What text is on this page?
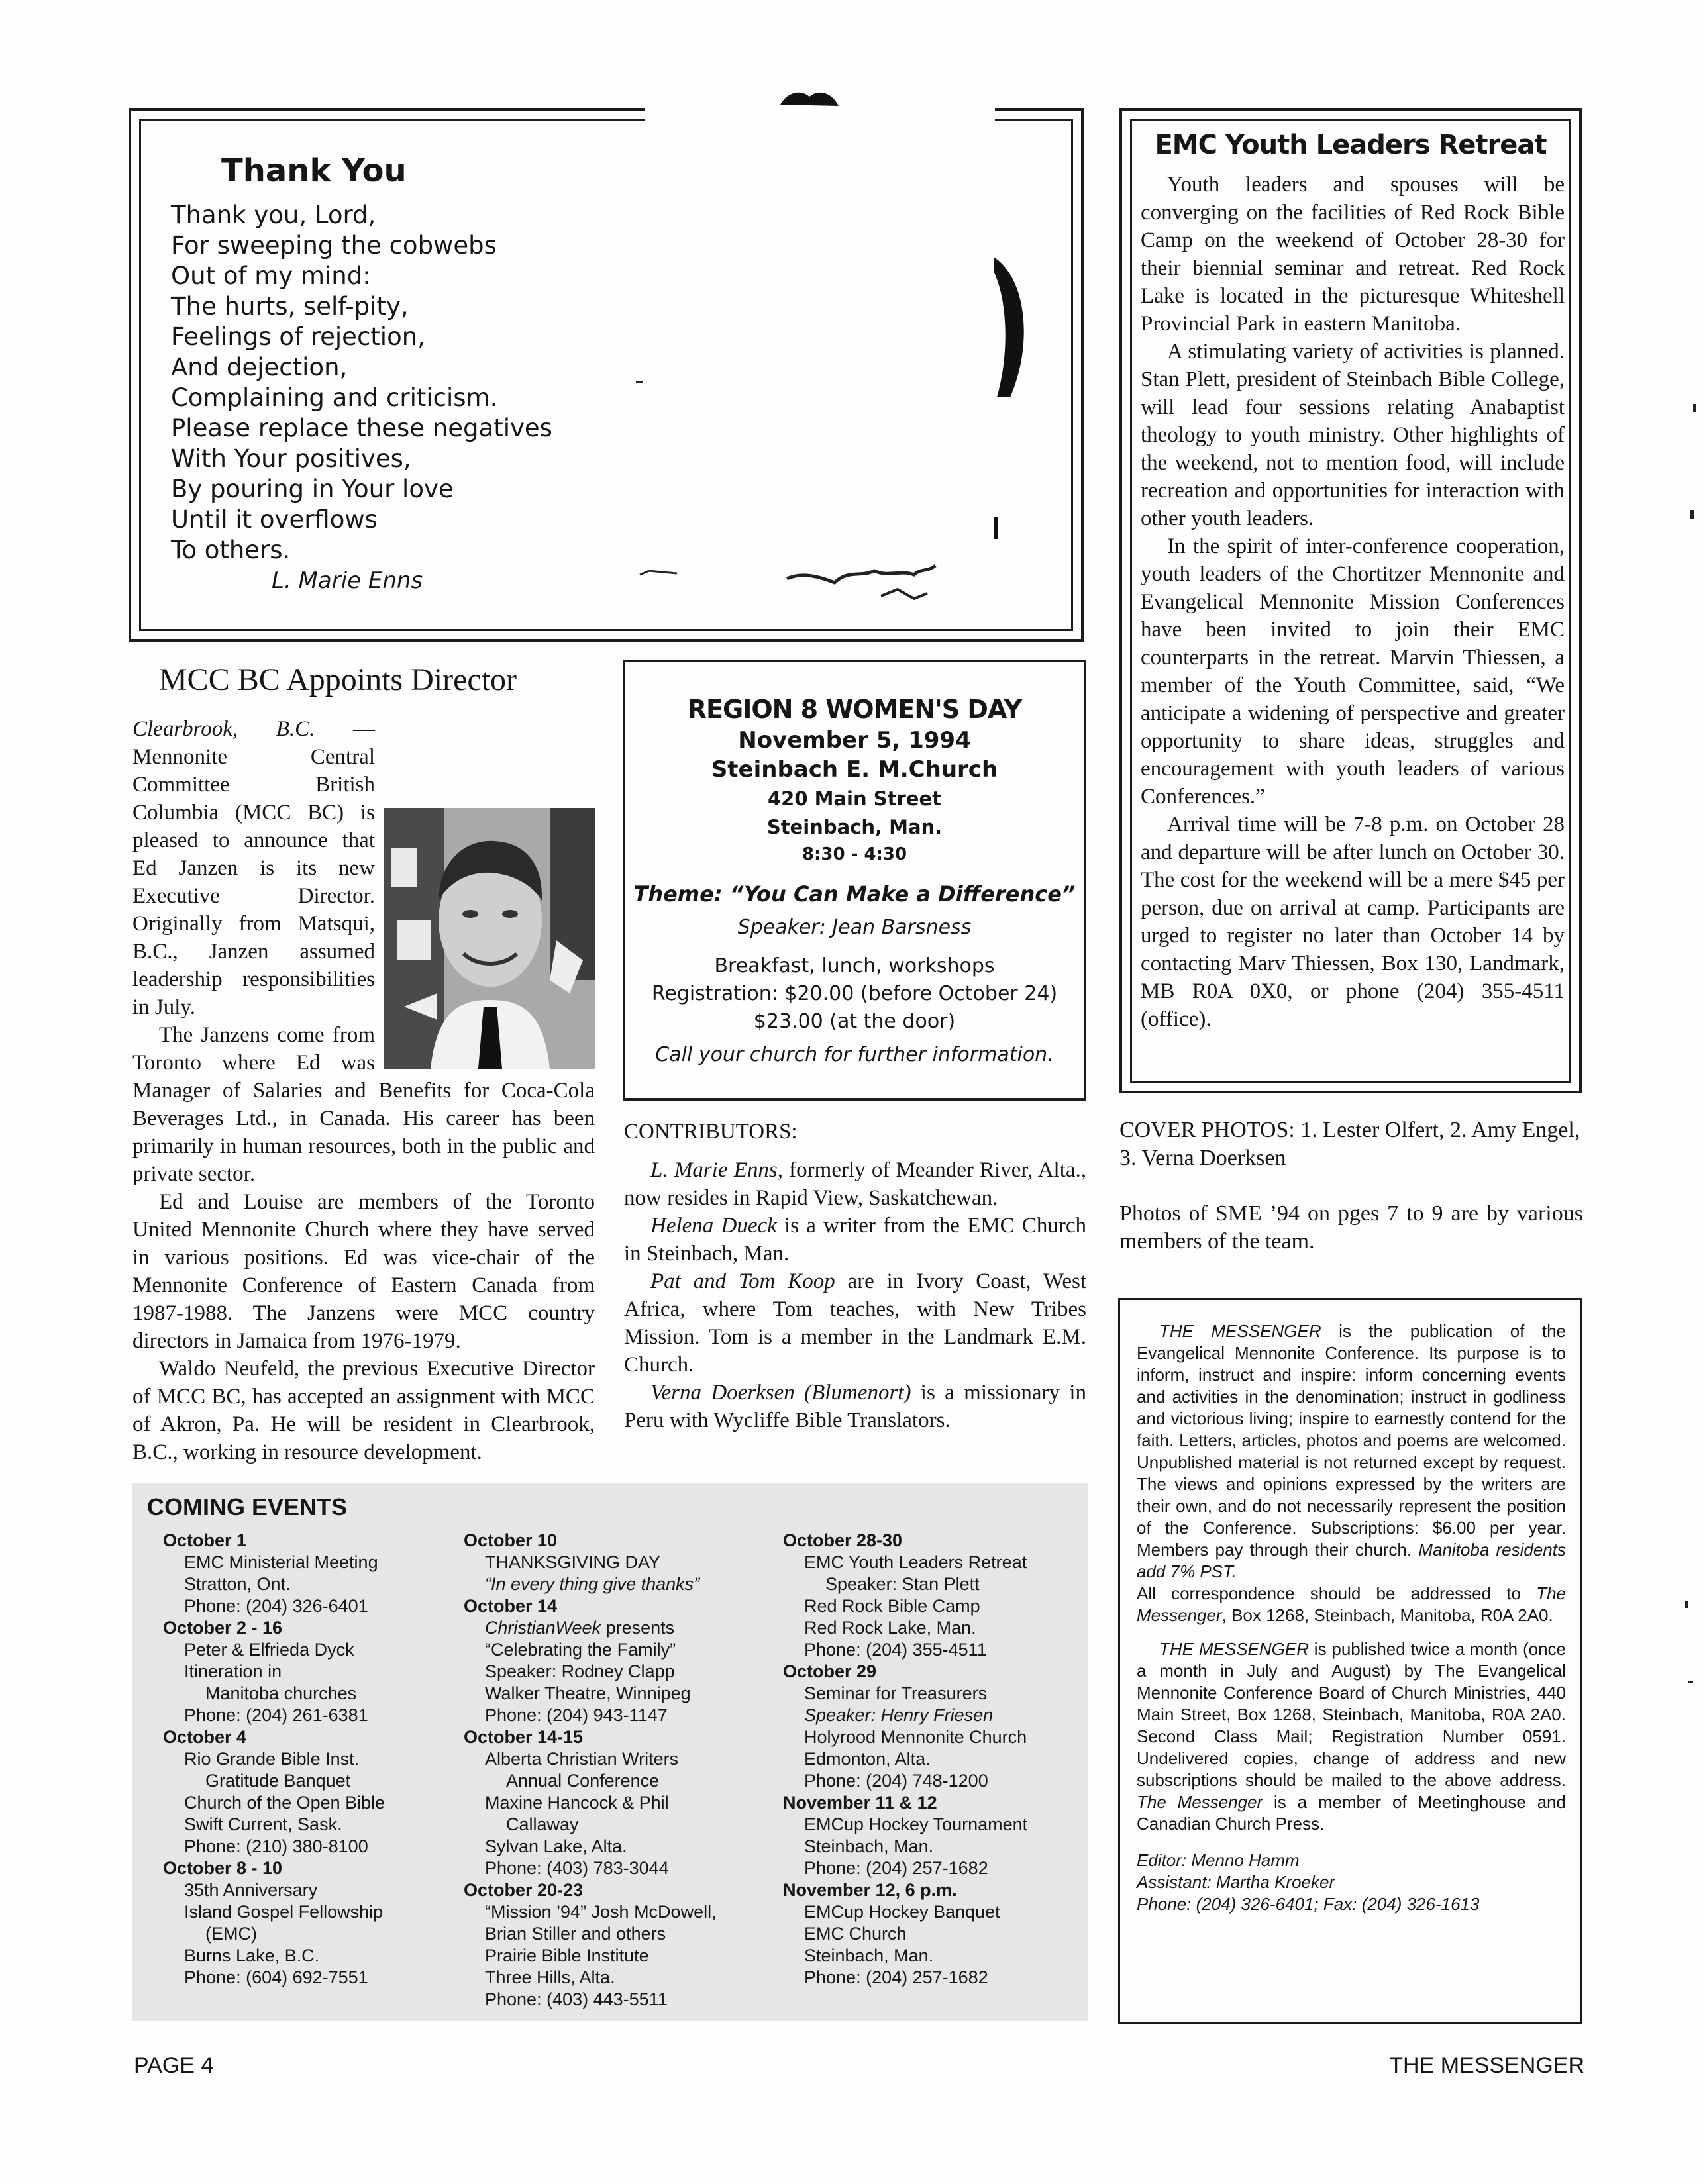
Thank You
Thank you, Lord,
For sweeping the cobwebs
Out of my mind:
The hurts, self-pity,
Feelings of rejection,
And dejection,
Complaining and criticism.
Please replace these negatives
With Your positives,
By pouring in Your love
Until it overflows
To others.
L. Marie Enns
EMC Youth Leaders Retreat

Youth leaders and spouses will be converging on the facilities of Red Rock Bible Camp on the weekend of October 28-30 for their biennial seminar and retreat. Red Rock Lake is located in the picturesque Whiteshell Provincial Park in eastern Manitoba.

A stimulating variety of activities is planned. Stan Plett, president of Steinbach Bible College, will lead four sessions relating Anabaptist theology to youth ministry. Other highlights of the weekend, not to mention food, will include recreation and opportunities for interaction with other youth leaders.

In the spirit of inter-conference cooperation, youth leaders of the Chortitzer Mennonite and Evangelical Mennonite Mission Conferences have been invited to join their EMC counterparts in the retreat. Marvin Thiessen, a member of the Youth Committee, said, “We anticipate a widening of perspective and greater opportunity to share ideas, struggles and encouragement with youth leaders of various Conferences.”

Arrival time will be 7-8 p.m. on October 28 and departure will be after lunch on October 30. The cost for the weekend will be a mere $45 per person, due on arrival at camp. Participants are urged to register no later than October 14 by contacting Marv Thiessen, Box 130, Landmark, MB R0A 0X0, or phone (204) 355-4511 (office).

MCC BC Appoints Director

Clearbrook, B.C. — Mennonite Central Committee British Columbia (MCC BC) is pleased to announce that Ed Janzen is its new Executive Director. Originally from Matsqui, B.C., Janzen assumed leadership responsibilities in July.

The Janzens come from Toronto where Ed was Manager of Salaries and Benefits for Coca-Cola Beverages Ltd., in Canada. His career has been primarily in human resources, both in the public and private sector.

Ed and Louise are members of the Toronto United Mennonite Church where they have served in various positions. Ed was vice-chair of the Mennonite Conference of Eastern Canada from 1987-1988. The Janzens were MCC country directors in Jamaica from 1976-1979.

Waldo Neufeld, the previous Executive Director of MCC BC, has accepted an assignment with MCC of Akron, Pa. He will be resident in Clearbrook, B.C., working in resource development.

REGION 8 WOMEN'S DAY

November 5, 1994

Steinbach E. M.Church

420 Main Street

Steinbach, Man.

8:30 - 4:30

Theme: “You Can Make a Difference”

Speaker: Jean Barsness

Breakfast, lunch, workshops

Registration: $20.00 (before October 24)

$23.00 (at the door)

Call your church for further information.

CONTRIBUTORS:

L. Marie Enns, formerly of Meander River, Alta., now resides in Rapid View, Saskatchewan.

Helena Dueck is a writer from the EMC Church in Steinbach, Man.

Pat and Tom Koop are in Ivory Coast, West Africa, where Tom teaches, with New Tribes Mission. Tom is a member in the Landmark E.M. Church.

Verna Doerksen (Blumenort) is a missionary in Peru with Wycliffe Bible Translators.

COVER PHOTOS: 1. Lester Olfert, 2. Amy Engel, 3. Verna Doerksen
Photos of SME ’94 on pges 7 to 9 are by various members of the team.

THE MESSENGER is the publication of the Evangelical Mennonite Conference. Its purpose is to inform, instruct and inspire: inform concerning events and activities in the denomination; instruct in godliness and victorious living; inspire to earnestly contend for the faith. Letters, articles, photos and poems are welcomed. Unpublished material is not returned except by request. The views and opinions expressed by the writers are their own, and do not necessarily represent the position of the Conference. Subscriptions: $6.00 per year. Members pay through their church. Manitoba residents add 7% PST.

All correspondence should be addressed to The Messenger, Box 1268, Steinbach, Manitoba, R0A 2A0.

THE MESSENGER is published twice a month (once a month in July and August) by The Evangelical Mennonite Conference Board of Church Ministries, 440 Main Street, Box 1268, Steinbach, Manitoba, R0A 2A0. Second Class Mail; Registration Number 0591. Undelivered copies, change of address and new subscriptions should be mailed to the above address. The Messenger is a member of Meetinghouse and Canadian Church Press.

Editor: Menno Hamm

Assistant: Martha Kroeker

Phone: (204) 326-6401; Fax: (204) 326-1613

COMING EVENTS
October 1
EMC Ministerial Meeting
Stratton, Ont.
Phone: (204) 326-6401
October 2 - 16
Peter & Elfrieda Dyck
Itineration in
Manitoba churches
Phone: (204) 261-6381
October 4
Rio Grande Bible Inst.
Gratitude Banquet
Church of the Open Bible
Swift Current, Sask.
Phone: (210) 380-8100
October 8 - 10
35th Anniversary
Island Gospel Fellowship
(EMC)
Burns Lake, B.C.
Phone: (604) 692-7551
October 10
THANKSGIVING DAY
“In every thing give thanks”
October 14
ChristianWeek presents
“Celebrating the Family”
Speaker: Rodney Clapp
Walker Theatre, Winnipeg
Phone: (204) 943-1147
October 14-15
Alberta Christian Writers
Annual Conference
Maxine Hancock & Phil
Callaway
Sylvan Lake, Alta.
Phone: (403) 783-3044
October 20-23
“Mission ’94” Josh McDowell,
Brian Stiller and others
Prairie Bible Institute
Three Hills, Alta.
Phone: (403) 443-5511
October 28-30
EMC Youth Leaders Retreat
Speaker: Stan Plett
Red Rock Bible Camp
Red Rock Lake, Man.
Phone: (204) 355-4511
October 29
Seminar for Treasurers
Speaker: Henry Friesen
Holyrood Mennonite Church
Edmonton, Alta.
Phone: (204) 748-1200
November 11 & 12
EMCup Hockey Tournament
Steinbach, Man.
Phone: (204) 257-1682
November 12, 6 p.m.
EMCup Hockey Banquet
EMC Church
Steinbach, Man.
Phone: (204) 257-1682
PAGE 4	THE MESSENGER
